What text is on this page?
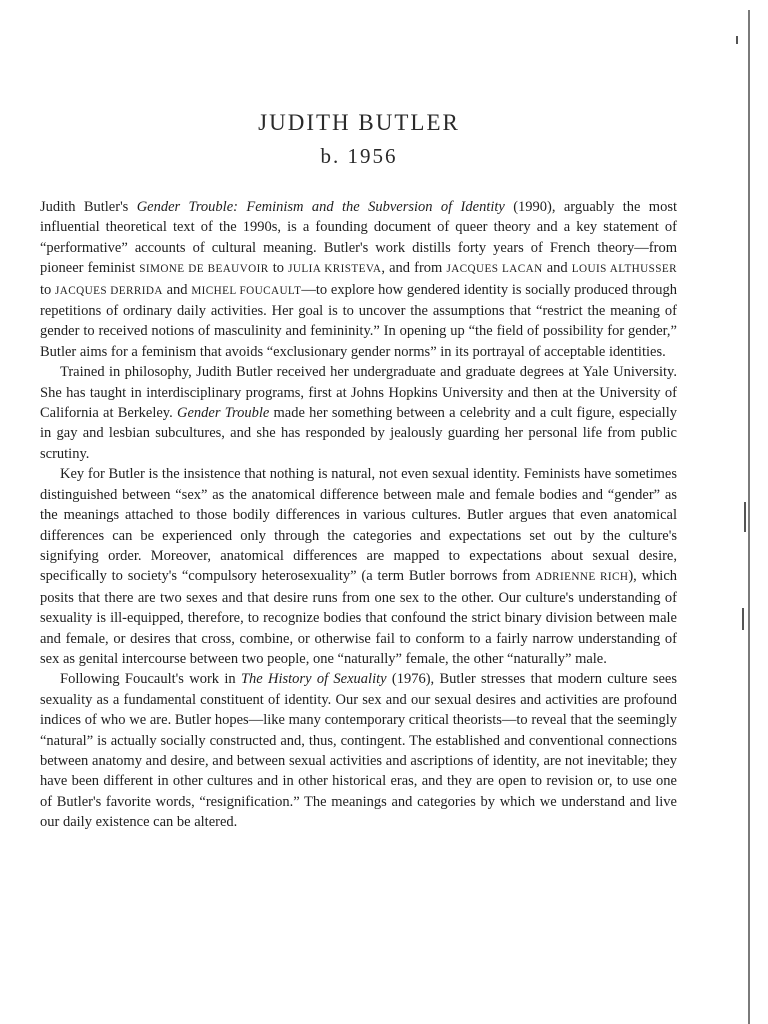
JUDITH BUTLER
b. 1956

Judith Butler's Gender Trouble: Feminism and the Subversion of Identity (1990), arguably the most influential theoretical text of the 1990s, is a founding document of queer theory and a key statement of “performative” accounts of cultural meaning. Butler's work distills forty years of French theory—from pioneer feminist SIMONE DE BEAUVOIR to JULIA KRISTEVA, and from JACQUES LACAN and LOUIS ALTHUSSER to JACQUES DERRIDA and MICHEL FOUCAULT—to explore how gendered identity is socially produced through repetitions of ordinary daily activities. Her goal is to uncover the assumptions that “restrict the meaning of gender to received notions of masculinity and femininity.” In opening up “the field of possibility for gender,” Butler aims for a feminism that avoids “exclusionary gender norms” in its portrayal of acceptable identities.

Trained in philosophy, Judith Butler received her undergraduate and graduate degrees at Yale University. She has taught in interdisciplinary programs, first at Johns Hopkins University and then at the University of California at Berkeley. Gender Trouble made her something between a celebrity and a cult figure, especially in gay and lesbian subcultures, and she has responded by jealously guarding her personal life from public scrutiny.

Key for Butler is the insistence that nothing is natural, not even sexual identity. Feminists have sometimes distinguished between “sex” as the anatomical difference between male and female bodies and “gender” as the meanings attached to those bodily differences in various cultures. Butler argues that even anatomical differences can be experienced only through the categories and expectations set out by the culture's signifying order. Moreover, anatomical differences are mapped to expectations about sexual desire, specifically to society's “compulsory heterosexuality” (a term Butler borrows from ADRIENNE RICH), which posits that there are two sexes and that desire runs from one sex to the other. Our culture's understanding of sexuality is ill-equipped, therefore, to recognize bodies that confound the strict binary division between male and female, or desires that cross, combine, or otherwise fail to conform to a fairly narrow understanding of sex as genital intercourse between two people, one “naturally” female, the other “naturally” male.

Following Foucault's work in The History of Sexuality (1976), Butler stresses that modern culture sees sexuality as a fundamental constituent of identity. Our sex and our sexual desires and activities are profound indices of who we are. Butler hopes—like many contemporary critical theorists—to reveal that the seemingly “natural” is actually socially constructed and, thus, contingent. The established and conventional connections between anatomy and desire, and between sexual activities and ascriptions of identity, are not inevitable; they have been different in other cultures and in other historical eras, and they are open to revision or, to use one of Butler's favorite words, “resignification.” The meanings and categories by which we understand and live our daily existence can be altered.
